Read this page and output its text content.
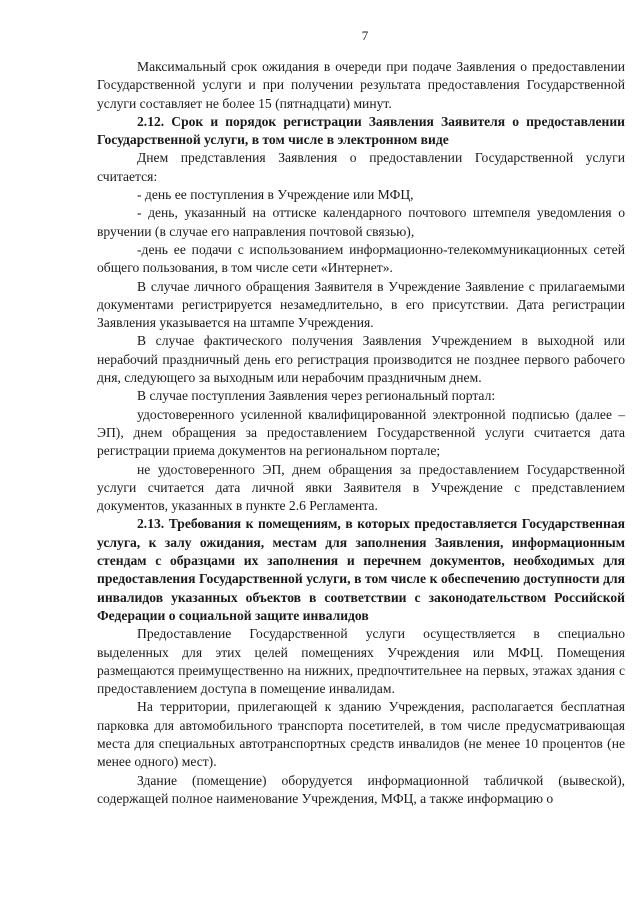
7

Максимальный срок ожидания в очереди при подаче Заявления о предоставлении Государственной услуги и при получении результата предоставления Государственной услуги составляет не более 15 (пятнадцати) минут.

2.12. Срок и порядок регистрации Заявления Заявителя о предоставлении Государственной услуги, в том числе в электронном виде

Днем представления Заявления о предоставлении Государственной услуги считается:

- день ее поступления в Учреждение или МФЦ,

- день, указанный на оттиске календарного почтового штемпеля уведомления о вручении (в случае его направления почтовой связью),

-день ее подачи с использованием информационно-телекоммуникационных сетей общего пользования, в том числе сети «Интернет».

В случае личного обращения Заявителя в Учреждение Заявление с прилагаемыми документами регистрируется незамедлительно, в его присутствии. Дата регистрации Заявления указывается на штампе Учреждения.

В случае фактического получения Заявления Учреждением в выходной или нерабочий праздничный день его регистрация производится не позднее первого рабочего дня, следующего за выходным или нерабочим праздничным днем.

В случае поступления Заявления через региональный портал:

удостоверенного усиленной квалифицированной электронной подписью (далее – ЭП), днем обращения за предоставлением Государственной услуги считается дата регистрации приема документов на региональном портале;

не удостоверенного ЭП, днем обращения за предоставлением Государственной услуги считается дата личной явки Заявителя в Учреждение с представлением документов, указанных в пункте 2.6 Регламента.

2.13. Требования к помещениям, в которых предоставляется Государственная услуга, к залу ожидания, местам для заполнения Заявления, информационным стендам с образцами их заполнения и перечнем документов, необходимых для предоставления Государственной услуги, в том числе к обеспечению доступности для инвалидов указанных объектов в соответствии с законодательством Российской Федерации о социальной защите инвалидов

Предоставление Государственной услуги осуществляется в специально выделенных для этих целей помещениях Учреждения или МФЦ. Помещения размещаются преимущественно на нижних, предпочтительнее на первых, этажах здания с предоставлением доступа в помещение инвалидам.

На территории, прилегающей к зданию Учреждения, располагается бесплатная парковка для автомобильного транспорта посетителей, в том числе предусматривающая места для специальных автотранспортных средств инвалидов (не менее 10 процентов (не менее одного) мест).

Здание (помещение) оборудуется информационной табличкой (вывеской), содержащей полное наименование Учреждения, МФЦ, а также информацию о
